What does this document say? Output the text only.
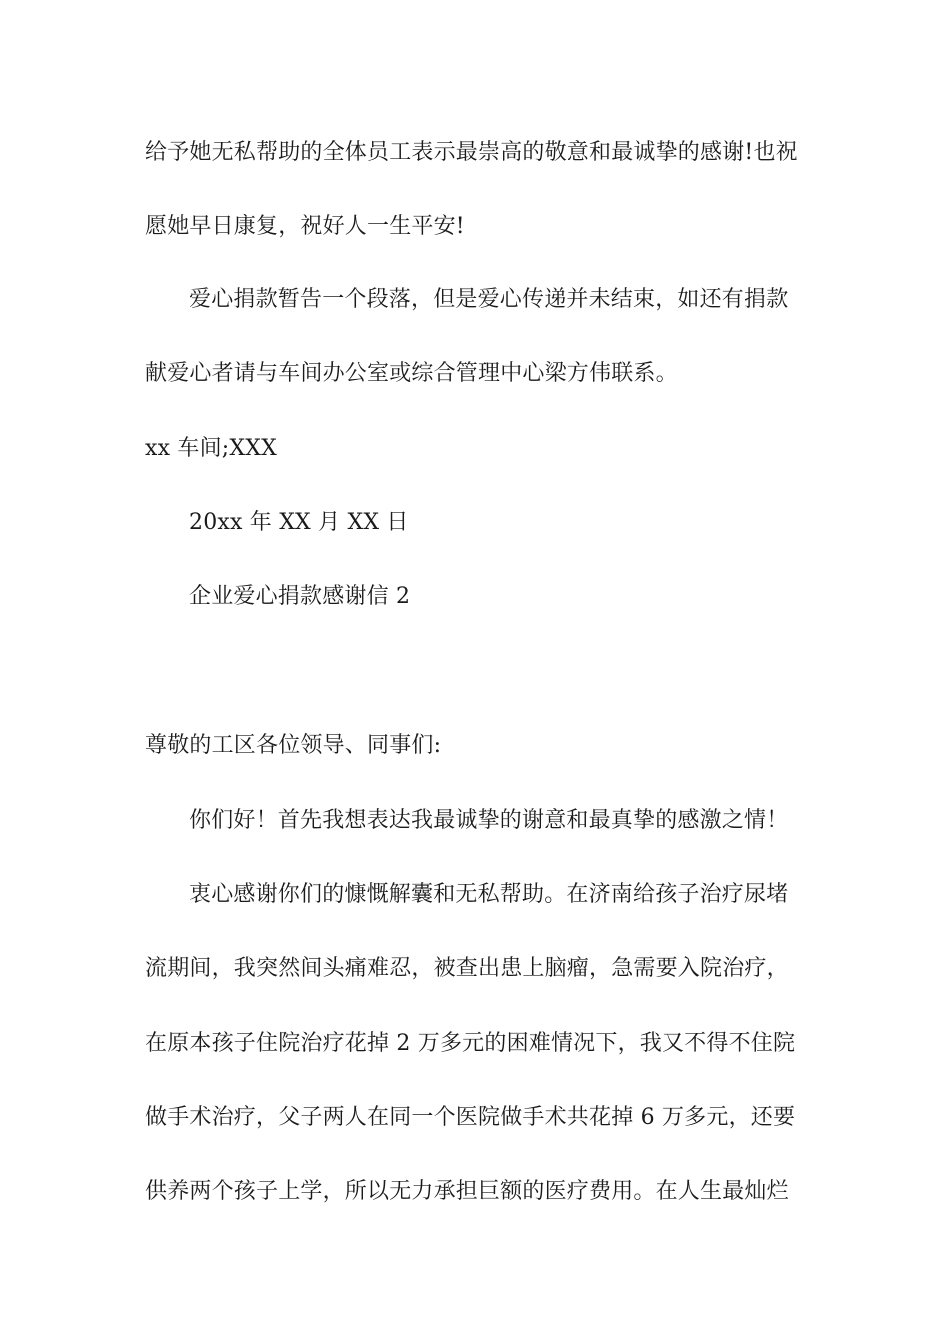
给予她无私帮助的全体员工表示最崇高的敬意和最诚挚的感谢!也祝
愿她早日康复，祝好人一生平安!
爱心捐款暂告一个段落，但是爱心传递并未结束，如还有捐款
献爱心者请与车间办公室或综合管理中心梁方伟联系。
xx 车间;XXX
20xx 年 XX 月 XX 日
企业爱心捐款感谢信 2
尊敬的工区各位领导、同事们:
你们好！首先我想表达我最诚挚的谢意和最真挚的感激之情！
衷心感谢你们的慷慨解囊和无私帮助。在济南给孩子治疗尿堵
流期间，我突然间头痛难忍，被查出患上脑瘤，急需要入院治疗，
在原本孩子住院治疗花掉 2 万多元的困难情况下，我又不得不住院
做手术治疗，父子两人在同一个医院做手术共花掉 6 万多元，还要
供养两个孩子上学，所以无力承担巨额的医疗费用。在人生最灿烂
